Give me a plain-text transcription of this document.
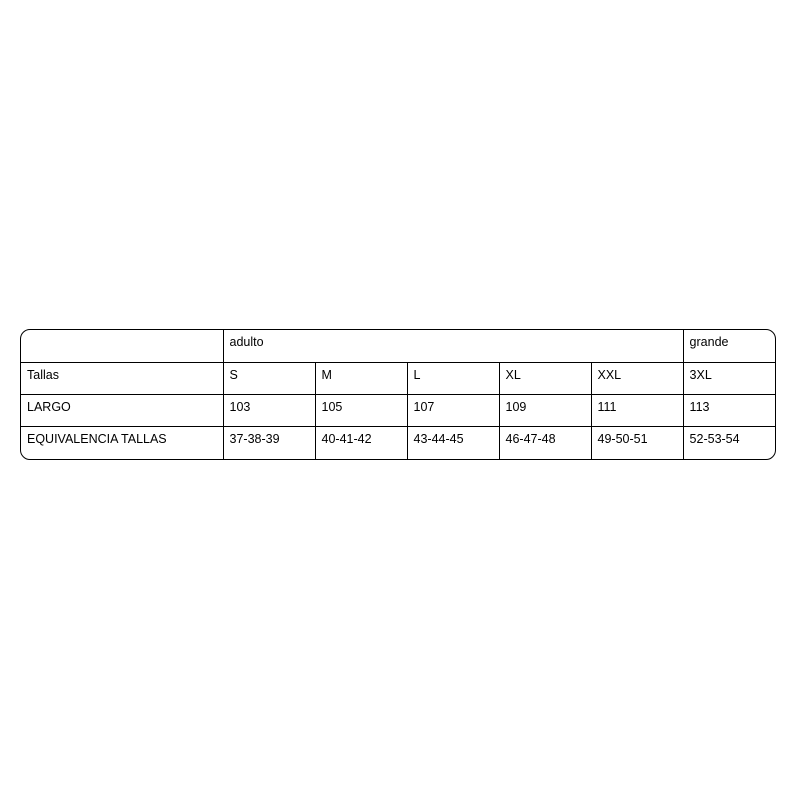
	adulto					grande
Tallas	S	M	L	XL	XXL	3XL
LARGO	103	105	107	109	111	113
EQUIVALENCIA TALLAS	37-38-39	40-41-42	43-44-45	46-47-48	49-50-51	52-53-54
